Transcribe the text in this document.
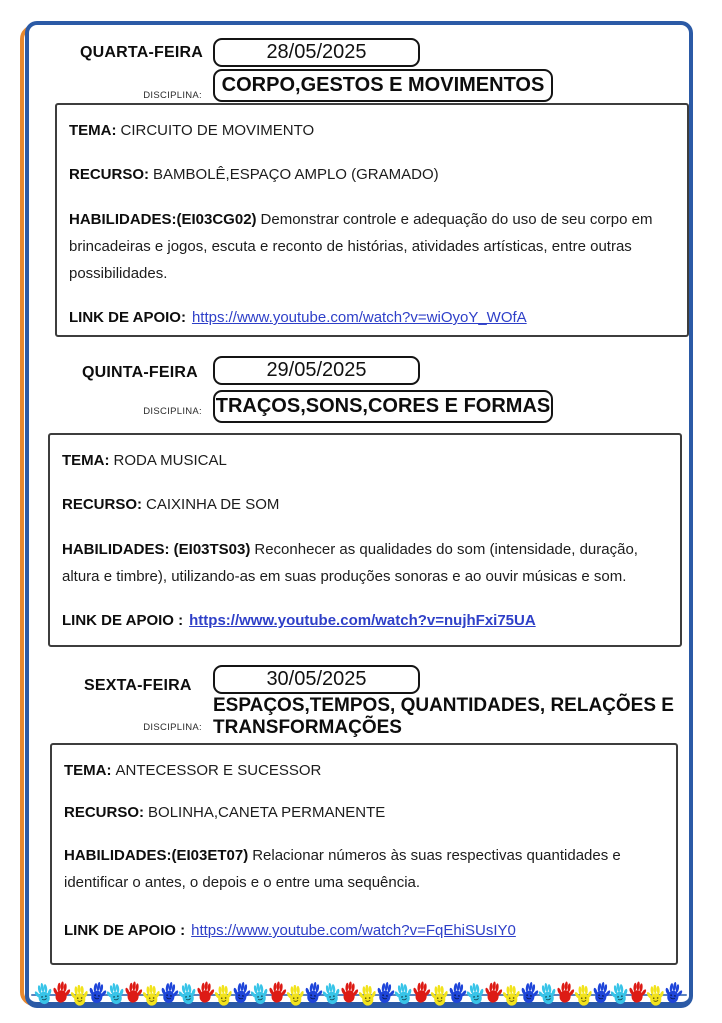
QUARTA-FEIRA	28/05/2025
DISCIPLINA: CORPO,GESTOS E MOVIMENTOS

TEMA: CIRCUITO DE MOVIMENTO

RECURSO: BAMBOLÊ,ESPAÇO AMPLO (GRAMADO)

HABILIDADES:(EI03CG02) Demonstrar controle e adequação do uso de seu corpo em brincadeiras e jogos, escuta e reconto de histórias, atividades artísticas, entre outras possibilidades.

LINK DE APOIO: https://www.youtube.com/watch?v=wiOyoY_WOfA

QUINTA-FEIRA	29/05/2025
DISCIPLINA: TRAÇOS,SONS,CORES E FORMAS

TEMA: RODA MUSICAL

RECURSO: CAIXINHA DE SOM

HABILIDADES: (EI03TS03) Reconhecer as qualidades do som (intensidade, duração, altura e timbre), utilizando-as em suas produções sonoras e ao ouvir músicas e som.

LINK DE APOIO : https://www.youtube.com/watch?v=nujhFxi75UA

SEXTA-FEIRA	30/05/2025
DISCIPLINA:
ESPAÇOS,TEMPOS, QUANTIDADES, RELAÇÕES E TRANSFORMAÇÕES

TEMA: ANTECESSOR E SUCESSOR

RECURSO: BOLINHA,CANETA PERMANENTE

HABILIDADES:(EI03ET07) Relacionar números às suas respectivas quantidades e identificar o antes, o depois e o entre uma sequência.

LINK DE APOIO : https://www.youtube.com/watch?v=FqEhiSUsIY0
